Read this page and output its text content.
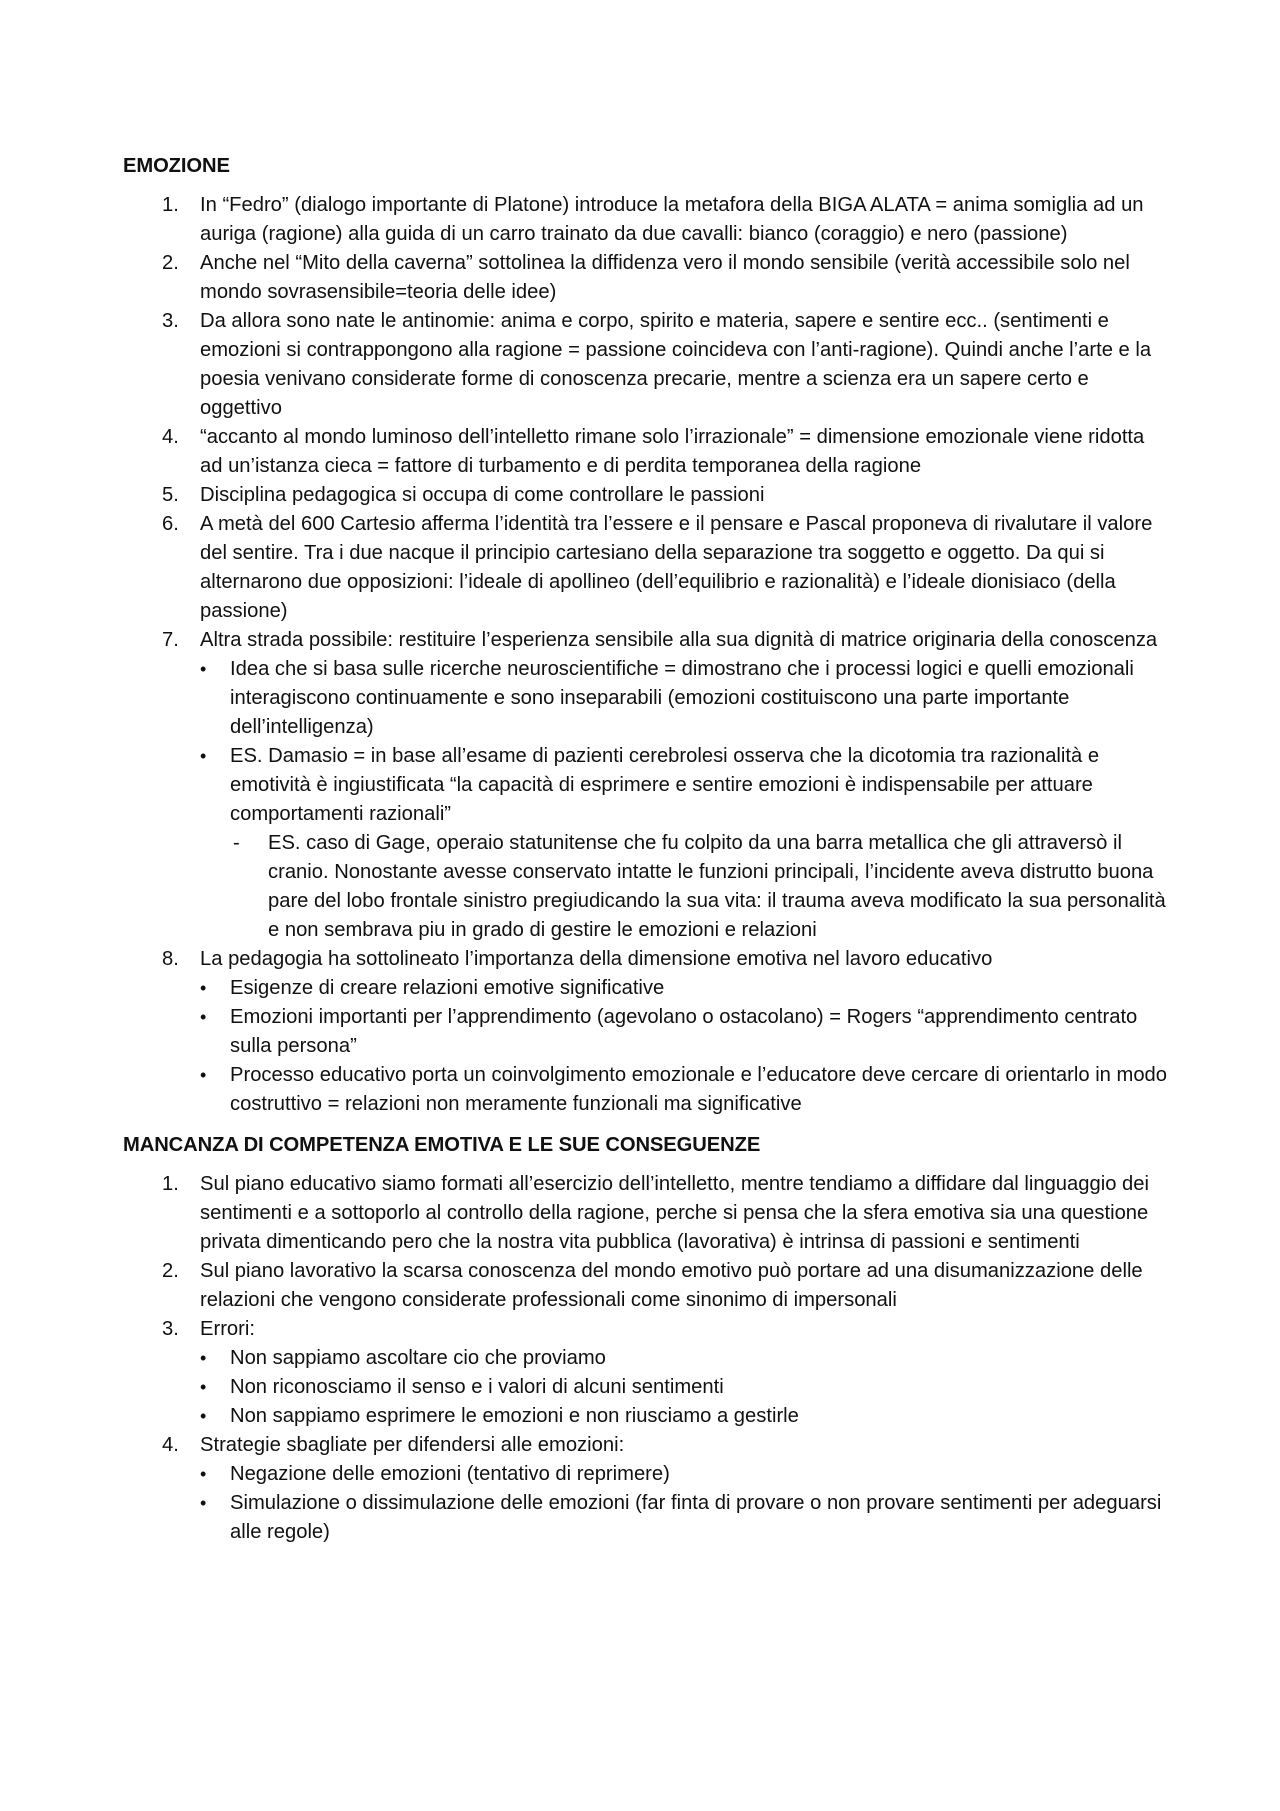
EMOZIONE
1.	In “Fedro” (dialogo importante di Platone) introduce la metafora della BIGA ALATA = anima somiglia ad un auriga (ragione) alla guida di un carro trainato da due cavalli: bianco (coraggio) e nero (passione)
2.	Anche nel “Mito della caverna” sottolinea la diffidenza vero il mondo sensibile (verità accessibile solo nel mondo sovrasensibile=teoria delle idee)
3.	Da allora sono nate le antinomie: anima e corpo, spirito e materia, sapere e sentire ecc.. (sentimenti e emozioni si contrappongono alla ragione = passione coincideva con l’anti-ragione). Quindi anche l’arte e la poesia venivano considerate forme di conoscenza precarie, mentre a scienza era un sapere certo e oggettivo
4.	“accanto al mondo luminoso dell’intelletto rimane solo l’irrazionale” = dimensione emozionale viene ridotta ad un’istanza cieca = fattore di turbamento e di perdita temporanea della ragione
5.	Disciplina pedagogica si occupa di come controllare le passioni
6.	A metà del 600 Cartesio afferma l’identità tra l’essere e il pensare e Pascal proponeva di rivalutare il valore del sentire. Tra i due nacque il principio cartesiano della separazione tra soggetto e oggetto. Da qui si alternarono due opposizioni: l’ideale di apollineo (dell’equilibrio e razionalità) e l’ideale dionisiaco (della passione)
7.	Altra strada possibile: restituire l’esperienza sensibile alla sua dignità di matrice originaria della conoscenza
•	Idea che si basa sulle ricerche neuroscientifiche = dimostrano che i processi logici e quelli emozionali interagiscono continuamente e sono inseparabili (emozioni costituiscono una parte importante dell’intelligenza)
•	ES. Damasio = in base all’esame di pazienti cerebrolesi osserva che la dicotomia tra razionalità e emotività è ingiustificata “la capacità di esprimere e sentire emozioni è indispensabile per attuare comportamenti razionali”
- ES. caso di Gage, operaio statunitense che fu colpito da una barra metallica che gli attraversò il cranio. Nonostante avesse conservato intatte le funzioni principali, l’incidente aveva distrutto buona pare del lobo frontale sinistro pregiudicando la sua vita: il trauma aveva modificato la sua personalità e non sembrava piu in grado di gestire le emozioni e relazioni
8.	La pedagogia ha sottolineato l’importanza della dimensione emotiva nel lavoro educativo
•	Esigenze di creare relazioni emotive significative
•	Emozioni importanti per l’apprendimento (agevolano o ostacolano) = Rogers “apprendimento centrato sulla persona”
•	Processo educativo porta un coinvolgimento emozionale e l’educatore deve cercare di orientarlo in modo costruttivo = relazioni non meramente funzionali ma significative
MANCANZA DI COMPETENZA EMOTIVA E LE SUE CONSEGUENZE
1.	Sul piano educativo siamo formati all’esercizio dell’intelletto, mentre tendiamo a diffidare dal linguaggio dei sentimenti e a sottoporlo al controllo della ragione, perche si pensa che la sfera emotiva sia una questione privata dimenticando pero che la nostra vita pubblica (lavorativa) è intrinsa di passioni e sentimenti
2.	Sul piano lavorativo la scarsa conoscenza del mondo emotivo può portare ad una disumanizzazione delle relazioni che vengono considerate professionali come sinonimo di impersonali
3.	Errori:
•	Non sappiamo ascoltare cio che proviamo
•	Non riconosciamo il senso e i valori di alcuni sentimenti
•	Non sappiamo esprimere le emozioni e non riusciamo a gestirle
4.	Strategie sbagliate per difendersi alle emozioni:
•	Negazione delle emozioni (tentativo di reprimere)
•	Simulazione o dissimulazione delle emozioni (far finta di provare o non provare sentimenti per adeguarsi alle regole)
